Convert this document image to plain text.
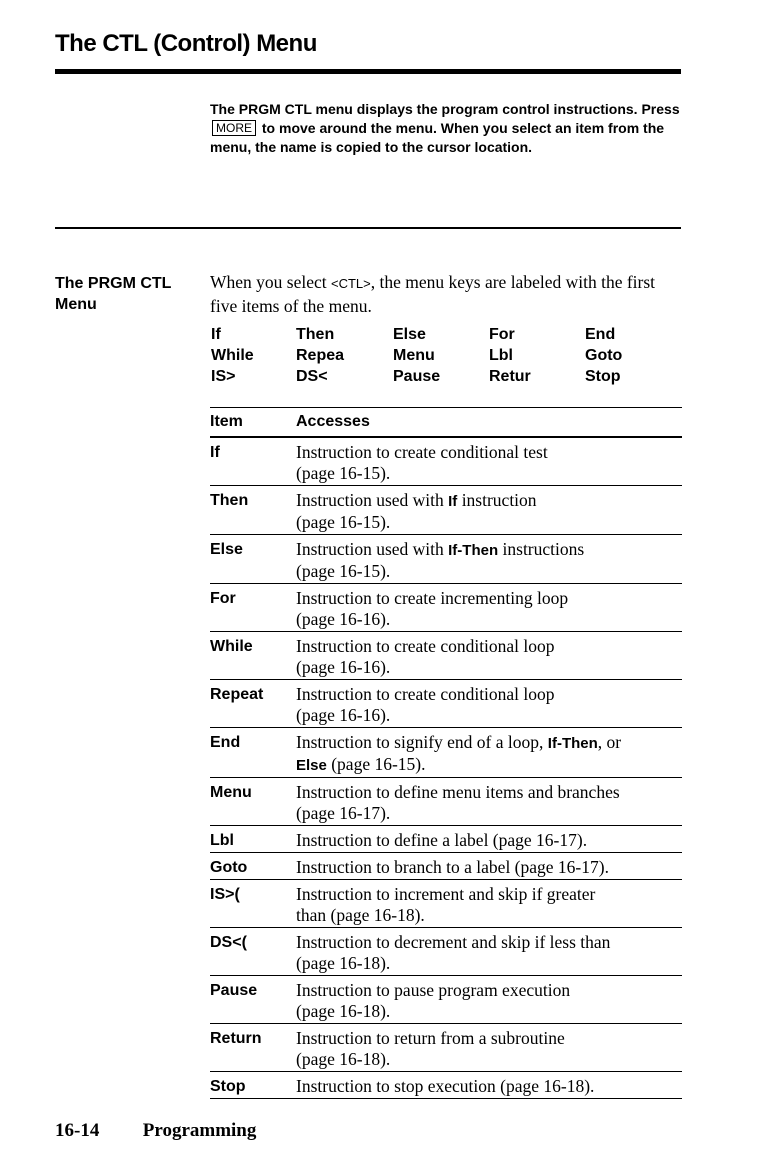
The CTL (Control) Menu
The PRGM CTL menu displays the program control instructions. Press MORE to move around the menu. When you select an item from the menu, the name is copied to the cursor location.
The PRGM CTL
Menu
When you select <CTL>, the menu keys are labeled with the first five items of the menu.
If	Then	Else	For	End
While	Repea	Menu	Lbl	Goto
IS>	DS<	Pause	Retur	Stop
Item	Accesses
If	Instruction to create conditional test
(page 16-15).
Then	Instruction used with If instruction
(page 16-15).
Else	Instruction used with If-Then instructions
(page 16-15).
For	Instruction to create incrementing loop
(page 16-16).
While	Instruction to create conditional loop
(page 16-16).
Repeat	Instruction to create conditional loop
(page 16-16).
End	Instruction to signify end of a loop, If-Then, or
Else (page 16-15).
Menu	Instruction to define menu items and branches
(page 16-17).
Lbl	Instruction to define a label (page 16-17).
Goto	Instruction to branch to a label (page 16-17).
IS>(	Instruction to increment and skip if greater
than (page 16-18).
DS<(	Instruction to decrement and skip if less than
(page 16-18).
Pause	Instruction to pause program execution
(page 16-18).
Return	Instruction to return from a subroutine
(page 16-18).
Stop	Instruction to stop execution (page 16-18).
16-14 Programming
